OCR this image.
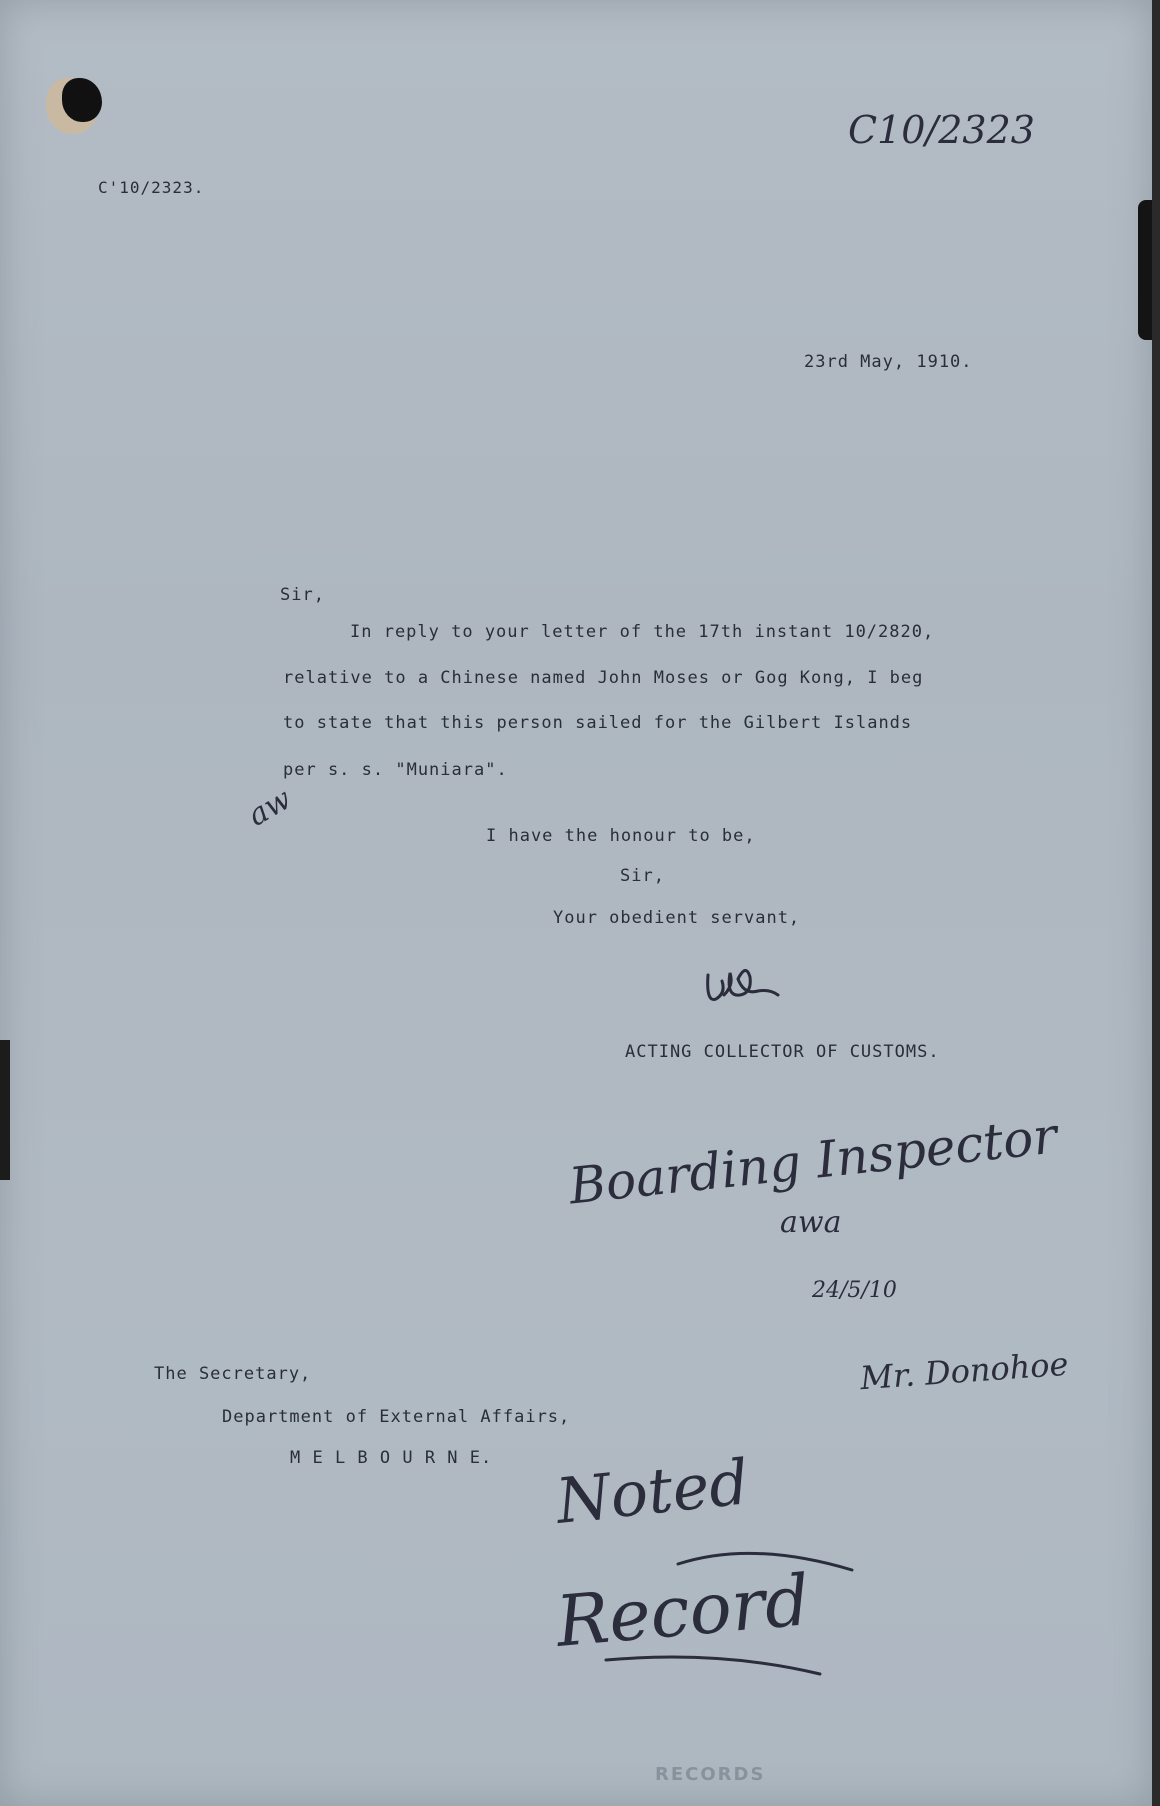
C'10/2323.

C10/2323

23rd May, 1910.

Sir,

In reply to your letter of the 17th instant 10/2820,

relative to a Chinese named John Moses or Gog Kong, I beg

to state that this person sailed for the Gilbert Islands

per s. s. "Muniara".

aw

I have the honour to be,

Sir,

Your obedient servant,

ACTING COLLECTOR OF CUSTOMS.

Boarding Inspector
awa
24/5/10
Mr. Donohoe

The Secretary,

Department of External Affairs,

M E L B O U R N E. Noted
Record
RECORDS
